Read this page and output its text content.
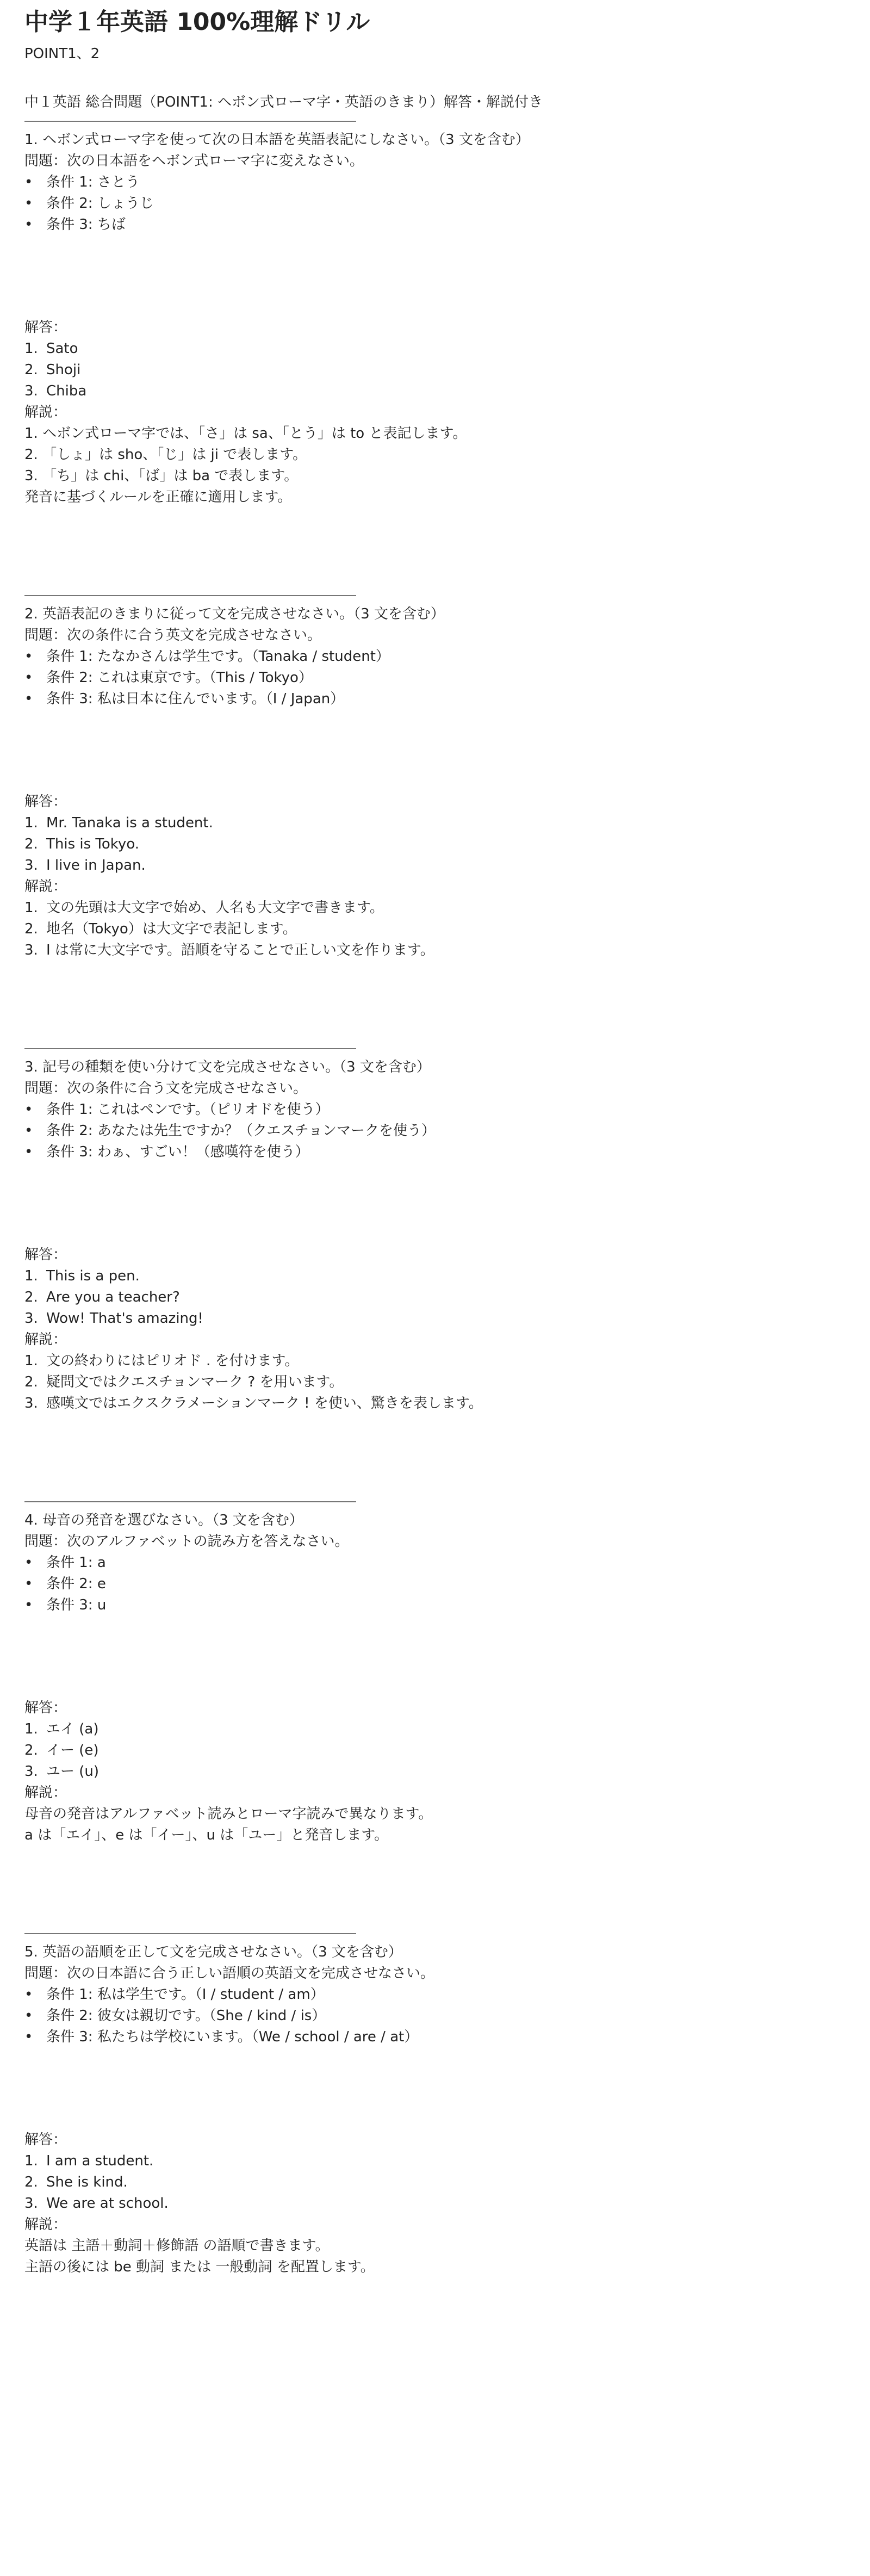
中学１年英語 100%理解ドリル

POINT1、2

中１英語 総合問題（POINT1: ヘボン式ローマ字・英語のきまり）解答・解説付き

1. ヘボン式ローマ字を使って次の日本語を英語表記にしなさい。（3 文を含む）

問題：次の日本語をヘボン式ローマ字に変えなさい。

• 条件 1: さとう
• 条件 2: しょうじ
• 条件 3: ちば

解答：

1. Sato
2. Shoji
3. Chiba

解説：

1. ヘボン式ローマ字では、「さ」は sa、「とう」は to と表記します。

2. 「しょ」は sho、「じ」は ji で表します。

3. 「ち」は chi、「ば」は ba で表します。

発音に基づくルールを正確に適用します。

2. 英語表記のきまりに従って文を完成させなさい。（3 文を含む）

問題：次の条件に合う英文を完成させなさい。

• 条件 1: たなかさんは学生です。（Tanaka / student）
• 条件 2: これは東京です。（This / Tokyo）
• 条件 3: 私は日本に住んでいます。（I / Japan）

解答：

1. Mr. Tanaka is a student.
2. This is Tokyo.
3. I live in Japan.

解説：

1. 文の先頭は大文字で始め、人名も大文字で書きます。
2. 地名（Tokyo）は大文字で表記します。
3. I は常に大文字です。語順を守ることで正しい文を作ります。

3. 記号の種類を使い分けて文を完成させなさい。（3 文を含む）

問題：次の条件に合う文を完成させなさい。

• 条件 1: これはペンです。（ピリオドを使う）
• 条件 2: あなたは先生ですか？（クエスチョンマークを使う）
• 条件 3: わぁ、すごい！（感嘆符を使う）

解答：

1. This is a pen.
2. Are you a teacher?
3. Wow! That's amazing!

解説：

1. 文の終わりにはピリオド . を付けます。
2. 疑問文ではクエスチョンマーク ? を用います。
3. 感嘆文ではエクスクラメーションマーク ! を使い、驚きを表します。

4. 母音の発音を選びなさい。（3 文を含む）

問題：次のアルファベットの読み方を答えなさい。

• 条件 1: a
• 条件 2: e
• 条件 3: u

解答：

1. エイ (a)
2. イー (e)
3. ユー (u)

解説：

母音の発音はアルファベット読みとローマ字読みで異なります。

a は「エイ」、e は「イー」、u は「ユー」と発音します。

5. 英語の語順を正して文を完成させなさい。（3 文を含む）

問題：次の日本語に合う正しい語順の英語文を完成させなさい。

• 条件 1: 私は学生です。（I / student / am）
• 条件 2: 彼女は親切です。（She / kind / is）
• 条件 3: 私たちは学校にいます。（We / school / are / at）

解答：

1. I am a student.
2. She is kind.
3. We are at school.

解説：

英語は 主語＋動詞＋修飾語 の語順で書きます。

主語の後には be 動詞 または 一般動詞 を配置します。
